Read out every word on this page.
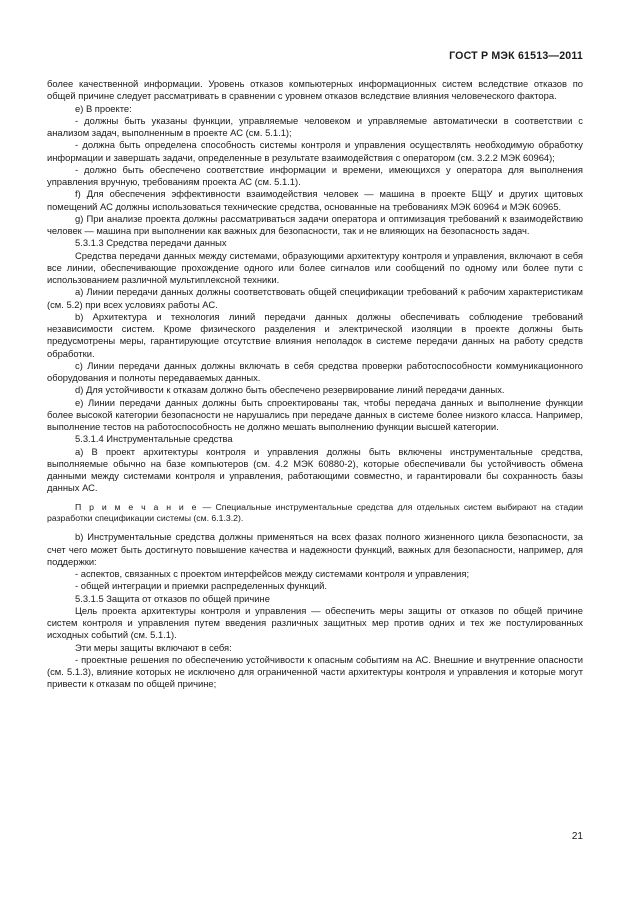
ГОСТ Р МЭК 61513—2011

более качественной информации. Уровень отказов компьютерных информационных систем вследствие отказов по общей причине следует рассматривать в сравнении с уровнем отказов вследствие влияния человеческого фактора.

е) В проекте:

- должны быть указаны функции, управляемые человеком и управляемые автоматически в соответствии с анализом задач, выполненным в проекте АС (см. 5.1.1);

- должна быть определена способность системы контроля и управления осуществлять необходимую обработку информации и завершать задачи, определенные в результате взаимодействия с оператором (см. 3.2.2 МЭК 60964);

- должно быть обеспечено соответствие информации и времени, имеющихся у оператора для выполнения управления вручную, требованиям проекта АС (см. 5.1.1).

f) Для обеспечения эффективности взаимодействия человек — машина в проекте БЩУ и других щитовых помещений АС должны использоваться технические средства, основанные на требованиях МЭК 60964 и МЭК 60965.

g) При анализе проекта должны рассматриваться задачи оператора и оптимизация требований к взаимодействию человек — машина при выполнении как важных для безопасности, так и не влияющих на безопасность задач.

5.3.1.3 Средства передачи данных

Средства передачи данных между системами, образующими архитектуру контроля и управления, включают в себя все линии, обеспечивающие прохождение одного или более сигналов или сообщений по одному или более пути с использованием различной мультиплексной техники.

а) Линии передачи данных должны соответствовать общей спецификации требований к рабочим характеристикам (см. 5.2) при всех условиях работы АС.

b) Архитектура и технология линий передачи данных должны обеспечивать соблюдение требований независимости систем. Кроме физического разделения и электрической изоляции в проекте должны быть предусмотрены меры, гарантирующие отсутствие влияния неполадок в системе передачи данных на работу средств обработки.

с) Линии передачи данных должны включать в себя средства проверки работоспособности коммуникационного оборудования и полноты передаваемых данных.

d) Для устойчивости к отказам должно быть обеспечено резервирование линий передачи данных.

е) Линии передачи данных должны быть спроектированы так, чтобы передача данных и выполнение функции более высокой категории безопасности не нарушались при передаче данных в системе более низкого класса. Например, выполнение тестов на работоспособность не должно мешать выполнению функции высшей категории.

5.3.1.4 Инструментальные средства

а) В проект архитектуры контроля и управления должны быть включены инструментальные средства, выполняемые обычно на базе компьютеров (см. 4.2 МЭК 60880-2), которые обеспечивали бы устойчивость обмена данными между системами контроля и управления, работающими совместно, и гарантировали бы сохранность базы данных АС.

П р и м е ч а н и е — Специальные инструментальные средства для отдельных систем выбирают на стадии разработки спецификации системы (см. 6.1.3.2).

b) Инструментальные средства должны применяться на всех фазах полного жизненного цикла безопасности, за счет чего может быть достигнуто повышение качества и надежности функций, важных для безопасности, например, для поддержки:

- аспектов, связанных с проектом интерфейсов между системами контроля и управления;

- общей интеграции и приемки распределенных функций.

5.3.1.5 Защита от отказов по общей причине

Цель проекта архитектуры контроля и управления — обеспечить меры защиты от отказов по общей причине систем контроля и управления путем введения различных защитных мер против одних и тех же постулированных исходных событий (см. 5.1.1).

Эти меры защиты включают в себя:

- проектные решения по обеспечению устойчивости к опасным событиям на АС. Внешние и внутренние опасности (см. 5.1.3), влияние которых не исключено для ограниченной части архитектуры контроля и управления и которые могут привести к отказам по общей причине;

21
